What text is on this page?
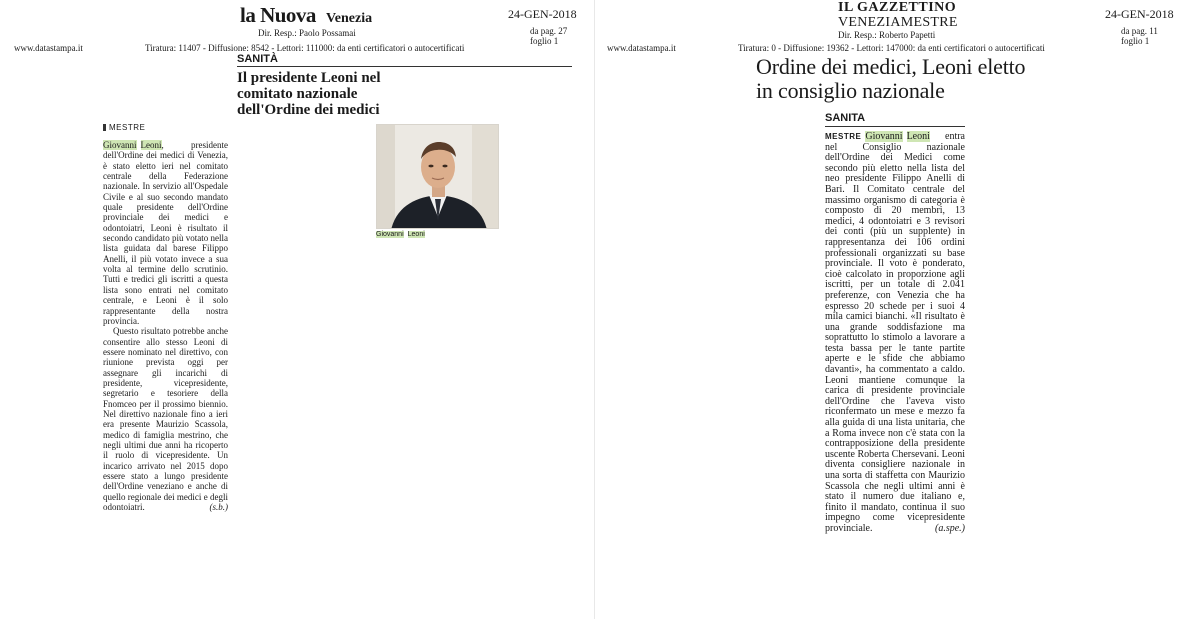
la Nuova Venezia	24-GEN-2018
Dir. Resp.: Paolo Possamai	da pag. 27
foglio 1
www.datastampa.it	Tiratura: 11407 - Diffusione: 8542 - Lettori: 111000: da enti certificatori o autocertificati
SANITÀ
Il presidente Leoni nel comitato nazionale dell'Ordine dei medici
MESTRE

Giovanni Leoni, presidente dell'Ordine dei medici di Venezia, è stato eletto ieri nel comitato centrale della Federazione nazionale. In servizio all'Ospedale Civile e al suo secondo mandato quale presidente dell'Ordine provinciale dei medici e odontoiatri, Leoni è risultato il secondo candidato più votato nella lista guidata dal barese Filippo Anelli, il più votato invece a sua volta al termine dello scrutinio. Tutti e tredici gli iscritti a questa lista sono entrati nel comitato centrale, e Leoni è il solo rappresentante della nostra provincia.

Questo risultato potrebbe anche consentire allo stesso Leoni di essere nominato nel direttivo, con riunione prevista oggi per assegnare gli incarichi di presidente, vicepresidente, segretario e tesoriere della Fnomceo per il prossimo biennio. Nel direttivo nazionale fino a ieri era presente Maurizio Scassola, medico di famiglia mestrino, che negli ultimi due anni ha ricoperto il ruolo di vicepresidente. Un incarico arrivato nel 2015 dopo essere stato a lungo presidente dell'Ordine veneziano e anche di quello regionale dei medici e degli odontoiatri.	(s.b.)

Giovanni Leoni
IL GAZZETTINO
VENEZIAMESTRE
24-GEN-2018
Dir. Resp.: Roberto Papetti	da pag. 11
foglio 1
www.datastampa.it	Tiratura: 0 - Diffusione: 19362 - Lettori: 147000: da enti certificatori o autocertificati
Ordine dei medici, Leoni eletto in consiglio nazionale
SANITA

MESTRE Giovanni Leoni entra nel Consiglio nazionale dell'Ordine dei Medici come secondo più eletto nella lista del neo presidente Filippo Anelli di Bari. Il Comitato centrale del massimo organismo di categoria è composto di 20 membri, 13 medici, 4 odontoiatri e 3 revisori dei conti (più un supplente) in rappresentanza dei 106 ordini professionali organizzati su base provinciale. Il voto è ponderato, cioè calcolato in proporzione agli iscritti, per un totale di 2.041 preferenze, con Venezia che ha espresso 20 schede per i suoi 4 mila camici bianchi. «Il risultato è una grande soddisfazione ma soprattutto lo stimolo a lavorare a testa bassa per le tante partite aperte e le sfide che abbiamo davanti», ha commentato a caldo. Leoni mantiene comunque la carica di presidente provinciale dell'Ordine che l'aveva visto riconfermato un mese e mezzo fa alla guida di una lista unitaria, che a Roma invece non c'è stata con la contrapposizione della presidente uscente Roberta Chersevani. Leoni diventa consigliere nazionale in una sorta di staffetta con Maurizio Scassola che negli ultimi anni è stato il numero due italiano e, finito il mandato, continua il suo impegno come vicepresidente provinciale.	(a.spe.)
